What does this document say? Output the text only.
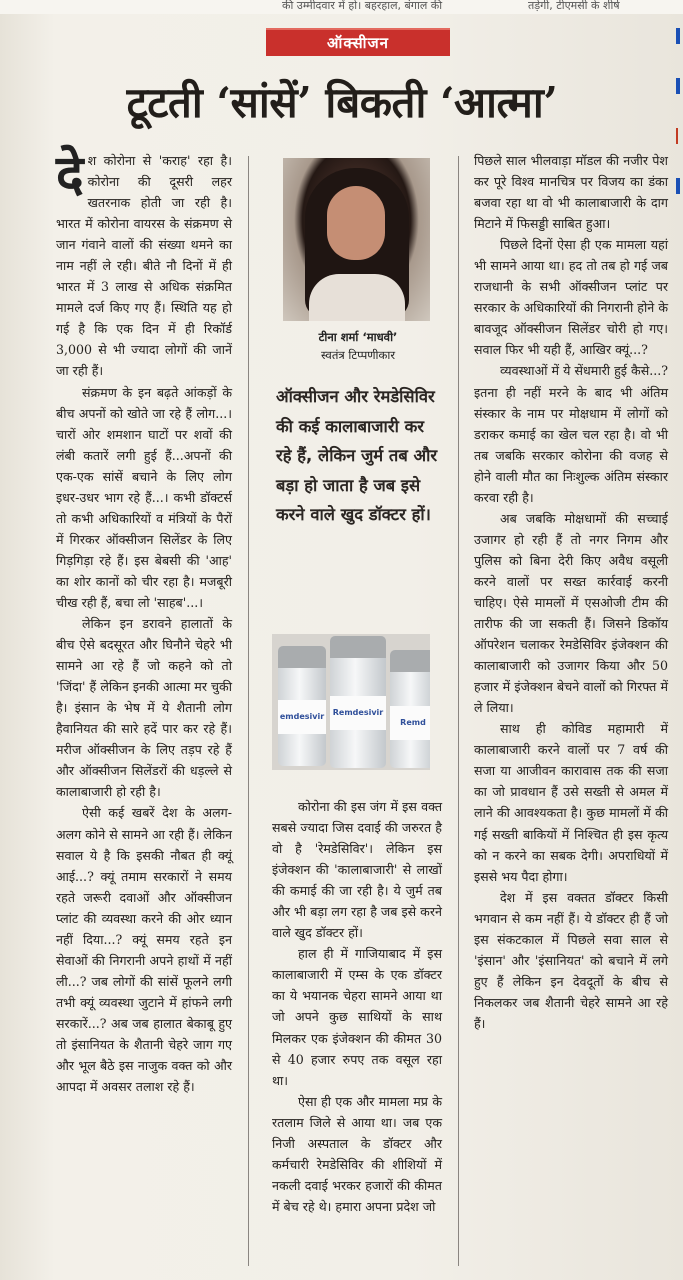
की उम्मीदवार में हो। बहरहाल, बंगाल की	तड़ेगी, टीएमसी के शीर्ष
ऑक्सीजन
टूटती ‘सांसें’ बिकती ‘आत्मा’

देश कोरोना से 'कराह' रहा है। कोरोना की दूसरी लहर खतरनाक होती जा रही है। भारत में कोरोना वायरस के संक्रमण से जान गंवाने वालों की संख्या थमने का नाम नहीं ले रही। बीते नौ दिनों में ही भारत में 3 लाख से अधिक संक्रमित मामले दर्ज किए गए हैं। स्थिति यह हो गई है कि एक दिन में ही रिकॉर्ड 3,000 से भी ज्यादा लोगों की जानें जा रही हैं।

संक्रमण के इन बढ़ते आंकड़ों के बीच अपनों को खोते जा रहे हैं लोग...। चारों ओर शमशान घाटों पर शवों की लंबी कतारें लगी हुई हैं...अपनों की एक-एक सांसें बचाने के लिए लोग इधर-उधर भाग रहे हैं...। कभी डॉक्टर्स तो कभी अधिकारियों व मंत्रियों के पैरों में गिरकर ऑक्सीजन सिलेंडर के लिए गिड़गिड़ा रहे हैं। इस बेबसी की 'आह' का शोर कानों को चीर रहा है। मजबूरी चीख रही हैं, बचा लो 'साहब'...।

लेकिन इन डरावने हालातों के बीच ऐसे बदसूरत और घिनौने चेहरे भी सामने आ रहे हैं जो कहने को तो 'जिंदा' हैं लेकिन इनकी आत्मा मर चुकी है। इंसान के भेष में ये शैतानी लोग हैवानियत की सारे हदें पार कर रहे हैं। मरीज ऑक्सीजन के लिए तड़प रहे हैं और ऑक्सीजन सिलेंडरों की धड़ल्ले से कालाबाजारी हो रही है।

ऐसी कई खबरें देश के अलग-अलग कोने से सामने आ रही हैं। लेकिन सवाल ये है कि इसकी नौबत ही क्यूं आई...? क्यूं तमाम सरकारों ने समय रहते जरूरी दवाओं और ऑक्सीजन प्लांट की व्यवस्था करने की ओर ध्यान नहीं दिया...? क्यूं समय रहते इन सेवाओं की निगरानी अपने हाथों में नहीं ली...? जब लोगों की सांसें फूलने लगी तभी क्यूं व्यवस्था जुटाने में हांफने लगी सरकारें...? अब जब हालात बेकाबू हुए तो इंसानियत के शैतानी चेहरे जाग गए और भूल बैठे इस नाजुक वक्त को और आपदा में अवसर तलाश रहे हैं।

टीना शर्मा ‘माधवी’
स्वतंत्र टिप्पणीकार
ऑक्सीजन और रेमडेसिविर की कई कालाबाजारी कर रहे हैं, लेकिन जुर्म तब और बड़ा हो जाता है जब इसे करने वाले खुद डॉक्टर हों।
emdesivir	Remdesivir
Remd

कोरोना की इस जंग में इस वक्त सबसे ज्यादा जिस दवाई की जरुरत है वो है 'रेमडेसिविर'। लेकिन इस इंजेक्शन की 'कालाबाजारी' से लाखों की कमाई की जा रही है। ये जुर्म तब और भी बड़ा लग रहा है जब इसे करने वाले खुद डॉक्टर हों।

हाल ही में गाजियाबाद में इस कालाबाजारी में एम्स के एक डॉक्टर का ये भयानक चेहरा सामने आया था जो अपने कुछ साथियों के साथ मिलकर एक इंजेक्शन की कीमत 30 से 40 हजार रुपए तक वसूल रहा था।

ऐसा ही एक और मामला मप्र के रतलाम जिले से आया था। जब एक निजी अस्पताल के डॉक्टर और कर्मचारी रेमडेसिविर की शीशियों में नकली दवाई भरकर हजारों की कीमत में बेच रहे थे। हमारा अपना प्रदेश जो

पिछले साल भीलवाड़ा मॉडल की नजीर पेश कर पूरे विश्व मानचित्र पर विजय का डंका बजवा रहा था वो भी कालाबाजारी के दाग मिटाने में फिसड्डी साबित हुआ।

पिछले दिनों ऐसा ही एक मामला यहां भी सामने आया था। हद तो तब हो गई जब राजधानी के सभी ऑक्सीजन प्लांट पर सरकार के अधिकारियों की निगरानी होने के बावजूद ऑक्सीजन सिलेंडर चोरी हो गए। सवाल फिर भी यही हैं, आखिर क्यूं...?

व्यवस्थाओं में ये सेंधमारी हुई कैसे...? इतना ही नहीं मरने के बाद भी अंतिम संस्कार के नाम पर मोक्षधाम में लोगों को डराकर कमाई का खेल चल रहा है। वो भी तब जबकि सरकार कोरोना की वजह से होने वाली मौत का निःशुल्क अंतिम संस्कार करवा रही है।

अब जबकि मोक्षधामों की सच्चाई उजागर हो रही हैं तो नगर निगम और पुलिस को बिना देरी किए अवैध वसूली करने वालों पर सख्त कार्रवाई करनी चाहिए। ऐसे मामलों में एसओजी टीम की तारीफ की जा सकती हैं। जिसने डिकॉय ऑपरेशन चलाकर रेमडेसिविर इंजेक्शन की कालाबाजारी को उजागर किया और 50 हजार में इंजेक्शन बेचने वालों को गिरफ्त में ले लिया।

साथ ही कोविड महामारी में कालाबाजारी करने वालों पर 7 वर्ष की सजा या आजीवन कारावास तक की सजा का जो प्रावधान हैं उसे सख्ती से अमल में लाने की आवश्यकता है। कुछ मामलों में की गई सख्ती बाकियों में निश्चित ही इस कृत्य को न करने का सबक देगी। अपराधियों में इससे भय पैदा होगा।

देश में इस वक्तत डॉक्टर किसी भगवान से कम नहीं हैं। ये डॉक्टर ही हैं जो इस संकटकाल में पिछले सवा साल से 'इंसान' और 'इंसानियत' को बचाने में लगे हुए हैं लेकिन इन देवदूतों के बीच से निकलकर जब शैतानी चेहरे सामने आ रहे हैं।
